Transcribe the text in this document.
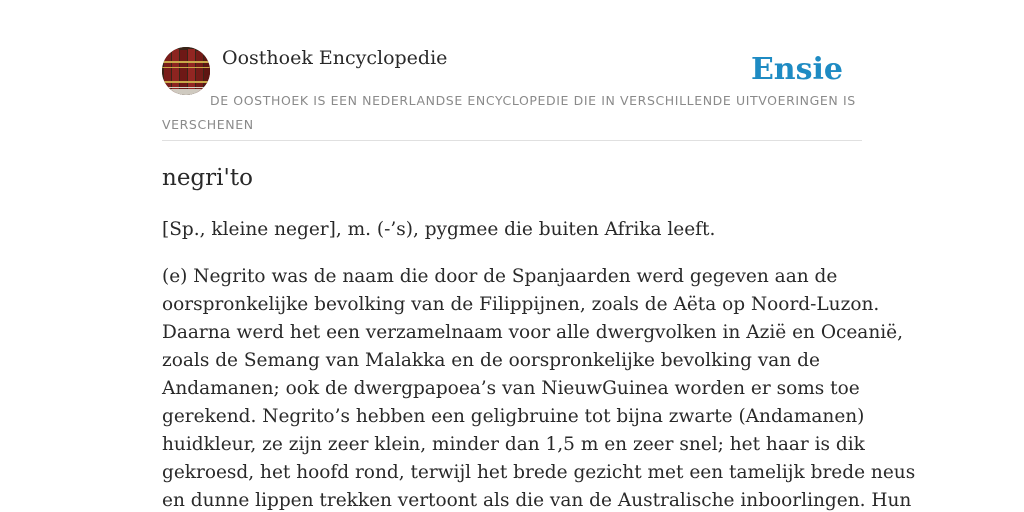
Oosthoek Encyclopedie	Ensie
DE OOSTHOEK IS EEN NEDERLANDSE ENCYCLOPEDIE DIE IN VERSCHILLENDE UITVOERINGEN IS VERSCHENEN
negri'to

[Sp., kleine neger], m. (-’s), pygmee die buiten Afrika leeft.

(e) Negrito was de naam die door de Spanjaarden werd gegeven aan de
oorspronkelijke bevolking van de Filippijnen, zoals de Aëta op Noord-Luzon.
Daarna werd het een verzamelnaam voor alle dwergvolken in Azië en Oceanië,
zoals de Semang van Malakka en de oorspronkelijke bevolking van de
Andamanen; ook de dwergpapoea’s van NieuwGuinea worden er soms toe
gerekend. Negrito’s hebben een geligbruine tot bijna zwarte (Andamanen)
huidkleur, ze zijn zeer klein, minder dan 1,5 m en zeer snel; het haar is dik
gekroesd, het hoofd rond, terwijl het brede gezicht met een tamelijk brede neus
en dunne lippen trekken vertoont als die van de Australische inboorlingen. Hun
